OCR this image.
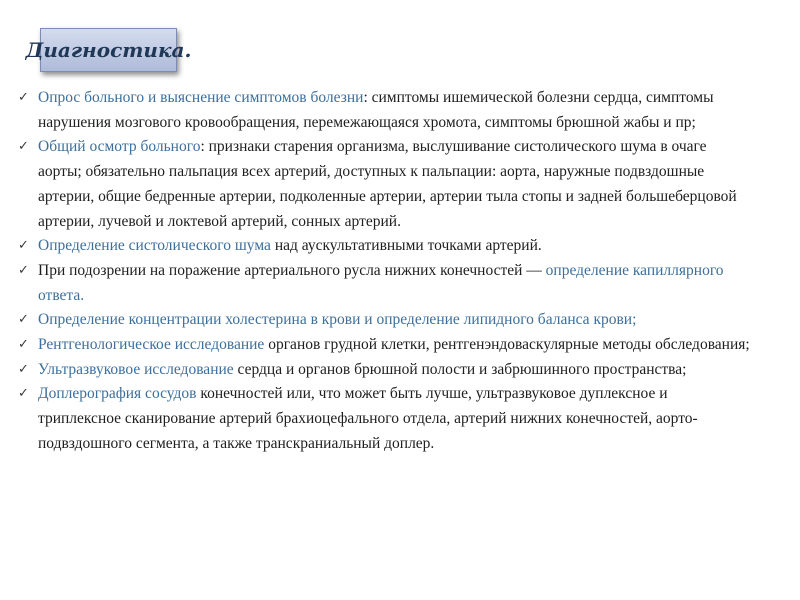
Диагностика.
✓ Опрос больного и выяснение симптомов болезни: симптомы ишемической болезни сердца, симптомы нарушения мозгового кровообращения, перемежающаяся хромота, симптомы брюшной жабы и пр;
✓ Общий осмотр больного: признаки старения организма, выслушивание систолического шума в очаге аорты; обязательно пальпация всех артерий, доступных к пальпации: аорта, наружные подвздошные артерии, общие бедренные артерии, подколенные артерии, артерии тыла стопы и задней большеберцовой артерии, лучевой и локтевой артерий, сонных артерий.
✓ Определение систолического шума над аускультативными точками артерий.
✓ При подозрении на поражение артериального русла нижних конечностей — определение капиллярного ответа.
✓ Определение концентрации холестерина в крови и определение липидного баланса крови;
✓ Рентгенологическое исследование органов грудной клетки, рентгенэндоваскулярные методы обследования;
✓ Ультразвуковое исследование сердца и органов брюшной полости и забрюшинного пространства;
✓ Доплерография сосудов конечностей или, что может быть лучше, ультразвуковое дуплексное и триплексное сканирование артерий брахиоцефального отдела, артерий нижних конечностей, аорто-подвздошного сегмента, а также транскраниальный доплер.
